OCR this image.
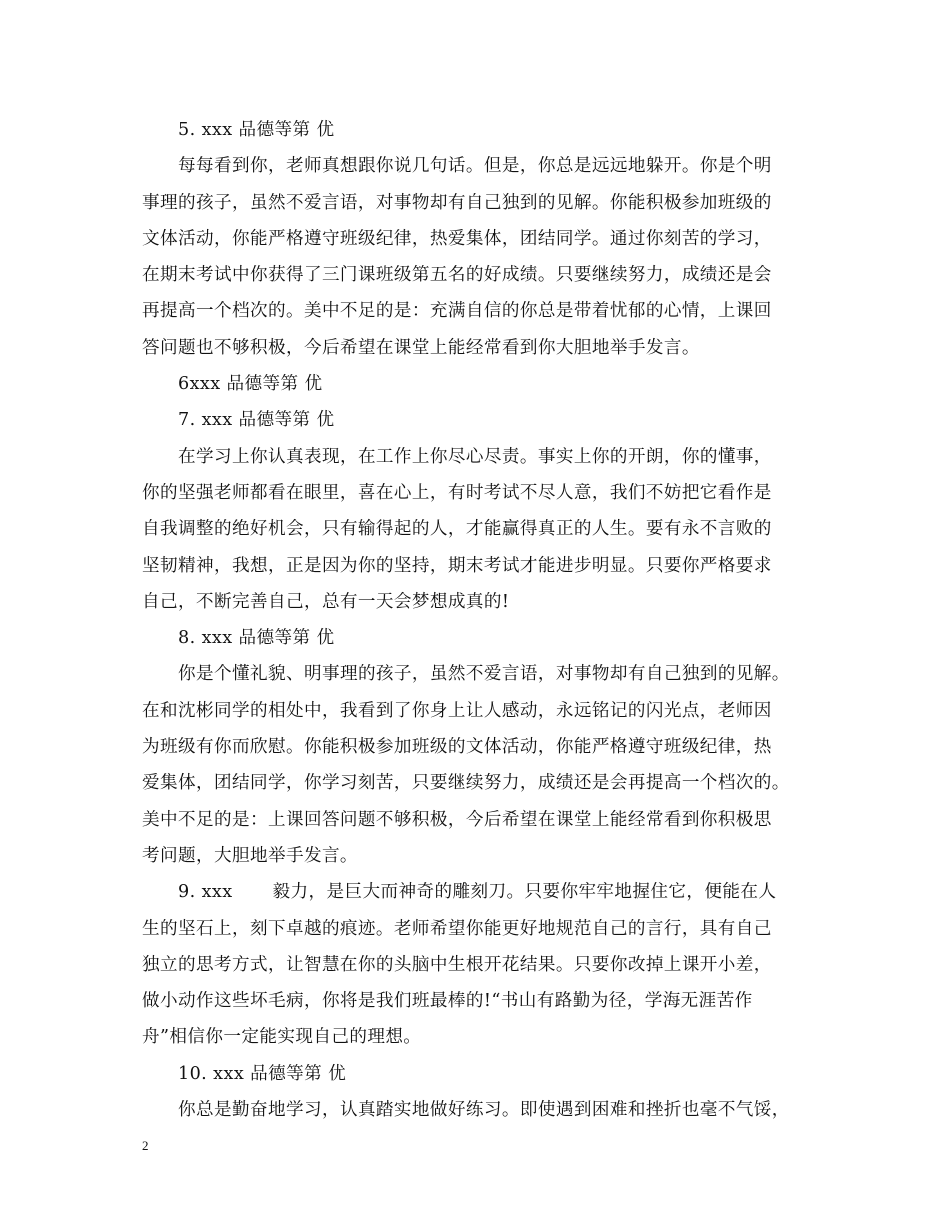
5. xxx 品德等第 优
每每看到你，老师真想跟你说几句话。但是，你总是远远地躲开。你是个明
事理的孩子，虽然不爱言语，对事物却有自己独到的见解。你能积极参加班级的
文体活动，你能严格遵守班级纪律，热爱集体，团结同学。通过你刻苦的学习，
在期末考试中你获得了三门课班级第五名的好成绩。只要继续努力，成绩还是会
再提高一个档次的。美中不足的是：充满自信的你总是带着忧郁的心情，上课回
答问题也不够积极，今后希望在课堂上能经常看到你大胆地举手发言。
6xxx 品德等第 优
7. xxx 品德等第 优
在学习上你认真表现，在工作上你尽心尽责。事实上你的开朗，你的懂事，
你的坚强老师都看在眼里，喜在心上，有时考试不尽人意，我们不妨把它看作是
自我调整的绝好机会，只有输得起的人，才能赢得真正的人生。要有永不言败的
坚韧精神，我想，正是因为你的坚持，期末考试才能进步明显。只要你严格要求
自己，不断完善自己，总有一天会梦想成真的!
8. xxx 品德等第 优
你是个懂礼貌、明事理的孩子，虽然不爱言语，对事物却有自己独到的见解。
在和沈彬同学的相处中，我看到了你身上让人感动，永远铭记的闪光点，老师因
为班级有你而欣慰。你能积极参加班级的文体活动，你能严格遵守班级纪律，热
爱集体，团结同学，你学习刻苦，只要继续努力，成绩还是会再提高一个档次的。
美中不足的是：上课回答问题不够积极，今后希望在课堂上能经常看到你积极思
考问题，大胆地举手发言。
9. xxx 毅力，是巨大而神奇的雕刻刀。只要你牢牢地握住它，便能在人
生的坚石上，刻下卓越的痕迹。老师希望你能更好地规范自己的言行，具有自己
独立的思考方式，让智慧在你的头脑中生根开花结果。只要你改掉上课开小差，
做小动作这些坏毛病，你将是我们班最棒的!“书山有路勤为径，学海无涯苦作
舟”相信你一定能实现自己的理想。
10. xxx 品德等第 优
你总是勤奋地学习，认真踏实地做好练习。即使遇到困难和挫折也毫不气馁，
2
